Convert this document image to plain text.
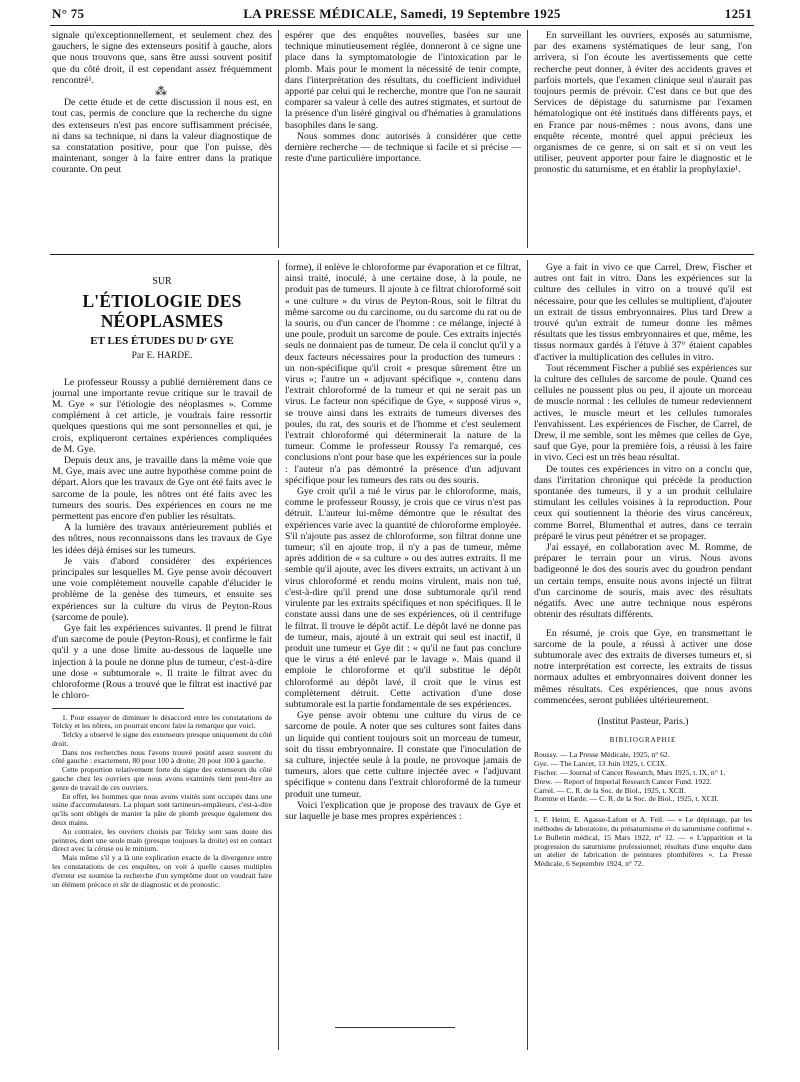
N° 75	LA PRESSE MÉDICALE, Samedi, 19 Septembre 1925	1251

signale qu'exceptionnellement, et seulement chez des gauchers, le signe des extenseurs positif à gauche, alors que nous trouvons que, sans être aussi souvent positif que du côté droit, il est cependant assez fréquemment rencontré¹.

⁂

De cette étude et de cette discussion il nous est, en tout cas, permis de conclure que la recherche du signe des extenseurs n'est pas encore suffisamment précisée, ni dans sa technique, ni dans la valeur diagnostique de sa constatation positive, pour que l'on puisse, dès maintenant, songer à la faire entrer dans la pratique courante. On peut

espérer que des enquêtes nouvelles, basées sur une technique minutieusement réglée, donneront à ce signe une place dans la symptomatologie de l'intoxication par le plomb. Mais pour le moment la nécessité de tenir compte, dans l'interprétation des résultats, du coefficient individuel apporté par celui qui le recherche, montre que l'on ne saurait comparer sa valeur à celle des autres stigmates, et surtout de la présence d'un liséré gingival ou d'hématies à granulations basophiles dans le sang.

Nous sommes donc autorisés à considérer que cette dernière recherche — de technique si facile et si précise — reste d'une particulière importance.

En surveillant les ouvriers, exposés au saturnisme, par des examens systématiques de leur sang, l'on arrivera, si l'on écoute les avertissements que cette recherche peut donner, à éviter des accidents graves et parfois mortels, que l'examen clinique seul n'aurait pas toujours permis de prévoir. C'est dans ce but que des Services de dépistage du saturnisme par l'examen hématologique ont été institués dans différents pays, et en France par nous-mêmes : nous avons, dans une enquête récente, montré quel appui précieux les organismes de ce genre, si on sait et si on veut les utiliser, peuvent apporter pour faire le diagnostic et le pronostic du saturnisme, et en établir la prophylaxie¹.

SUR
L'ÉTIOLOGIE DES NÉOPLASMES
ET LES ÉTUDES DU Dʳ GYE
Par E. HARDE.

Le professeur Roussy a publié dernièrement dans ce journal une importante revue critique sur le travail de M. Gye « sur l'étiologie des néoplasmes ». Comme complément à cet article, je voudrais faire ressortir quelques questions qui me sont personnelles et qui, je crois, expliqueront certaines expériences compliquées de M. Gye.

Depuis deux ans, je travaille dans la même voie que M. Gye, mais avec une autre hypothèse comme point de départ. Alors que les travaux de Gye ont été faits avec le sarcome de la poule, les nôtres ont été faits avec les tumeurs des souris. Des expériences en cours ne me permettent pas encore d'en publier les résultats.

A la lumière des travaux antérieurement publiés et des nôtres, nous reconnaissons dans les travaux de Gye les idées déjà émises sur les tumeurs.

Je vais d'abord considérer des expériences principales sur lesquelles M. Gye pense avoir découvert une voie complètement nouvelle capable d'élucider le problème de la genèse des tumeurs, et ensuite ses expériences sur la culture du virus de Peyton-Rous (sarcome de poule).

Gye fait les expériences suivantes. Il prend le filtrat d'un sarcome de poule (Peyton-Rous), et confirme le fait qu'il y a une dose limite au-dessous de laquelle une injection à la poule ne donne plus de tumeur, c'est-à-dire une dose « subtumorale ». Il traite le filtrat avec du chloroforme (Rous a trouvé que le filtrat est inactivé par le chloro-

1. Pour essayer de diminuer le désaccord entre les constatations de Telcky et les nôtres, on pourrait encore faire la remarque que voici.

Telcky a observé le signe des extenseurs presque uniquement du côté droit.

Dans nos recherches nous l'avons trouvé positif assez souvent du côté gauche : exactement, 80 pour 100 à droite; 20 pour 100 à gauche.

Cette proportion relativement forte du signe des extenseurs du côté gauche chez les ouvriers que nous avons examinés tient peut-être au genre de travail de ces ouvriers.

En effet, les hommes que nous avons visités sont occupés dans une usine d'accumulateurs. La plupart sont tartineurs-empâteurs, c'est-à-dire qu'ils sont obligés de manier la pâte de plomb presque également des deux mains.

Au contraire, les ouvriers choisis par Telcky sont sans doute des peintres, dont une seule main (presque toujours la droite) est en contact direct avec la céruse ou le minium.

Mais même s'il y a là une explication exacte de la divergence entre les constatations de ces enquêtes, on voit à quelle causes multiples d'erreur est soumise la recherche d'un symptôme dont on voudrait faire un élément précoce et sûr de diagnostic et de pronostic.

forme), il enlève le chloroforme par évaporation et ce filtrat, ainsi traité, inoculé, à une certaine dose, à la poule, ne produit pas de tumeurs. Il ajoute à ce filtrat chloroformé soit « une culture » du virus de Peyton-Rous, soit le filtrat du même sarcome ou du carcinome, ou du sarcome du rat ou de la souris, ou d'un cancer de l'homme : ce mélange, injecté à une poule, produit un sarcome de poule. Ces extraits injectés seuls ne donnaient pas de tumeur. De cela il conclut qu'il y a deux facteurs nécessaires pour la production des tumeurs : un non-spécifique qu'il croit « presque sûrement être un virus »; l'autre un « adjuvant spécifique », contenu dans l'extrait chloroformé de la tumeur et qui ne serait pas un virus. Le facteur non spécifique de Gye, « supposé virus », se trouve ainsi dans les extraits de tumeurs diverses des poules, du rat, des souris et de l'homme et c'est seulement l'extrait chloroformé qui déterminerait la nature de la tumeur. Comme le professeur Roussy l'a remarqué, ces conclusions n'ont pour base que les expériences sur la poule : l'auteur n'a pas démontré la présence d'un adjuvant spécifique pour les tumeurs des rats ou des souris.

Gye croit qu'il a tué le virus par le chloroforme, mais, comme le professeur Roussy, je crois que ce virus n'est pas détruit. L'auteur lui-même démontre que le résultat des expériences varie avec la quantité de chloroforme employée. S'il n'ajoute pas assez de chloroforme, son filtrat donne une tumeur; s'il en ajoute trop, il n'y a pas de tumeur, même après addition de « sa culture » ou des autres extraits. Il me semble qu'il ajoute, avec les divers extraits, un activant à un virus chloroformé et rendu moins virulent, mais non tué, c'est-à-dire qu'il prend une dose subtumorale qu'il rend virulente par les extraits spécifiques et non spécifiques. Il le constate aussi dans une de ses expériences, où il centrifuge le filtrat. Il trouve le dépôt actif. Le dépôt lavé ne donne pas de tumeur, mais, ajouté à un extrait qui seul est inactif, il produit une tumeur et Gye dit : « qu'il ne faut pas conclure que le virus a été enlevé par le lavage ». Mais quand il emploie le chloroforme et qu'il substitue le dépôt chloroformé au dépôt lavé, il croit que le virus est complètement détruit. Cette activation d'une dose subtumorale est la partie fondamentale de ses expériences.

Gye pense avoir obtenu une culture du virus de ce sarcome de poule. A noter que ses cultures sont faites dans un liquide qui contient toujours soit un morceau de tumeur, soit du tissu embryonnaire. Il constate que l'inoculation de sa culture, injectée seule à la poule, ne provoque jamais de tumeurs, alors que cette culture injectée avec « l'adjuvant spécifique » contenu dans l'extrait chloroformé de la tumeur produit une tumeur.

Voici l'explication que je propose des travaux de Gye et sur laquelle je base mes propres expériences :

Gye a fait in vivo ce que Carrel, Drew, Fischer et autres ont fait in vitro. Dans les expériences sur la culture des cellules in vitro on a trouvé qu'il est nécessaire, pour que les cellules se multiplient, d'ajouter un extrait de tissus embryonnaires. Plus tard Drew a trouvé qu'un extrait de tumeur donne les mêmes résultats que les tissus embryonnaires et que, même, les tissus normaux gardés à l'étuve à 37° étaient capables d'activer la multiplication des cellules in vitro.

Tout récemment Fischer a publié ses expériences sur la culture des cellules de sarcome de poule. Quand ces cellules ne poussent plus ou peu, il ajoute un morceau de muscle normal : les cellules de tumeur redeviennent actives, le muscle meurt et les cellules tumorales l'envahissent. Les expériences de Fischer, de Carrel, de Drew, il me semble, sont les mêmes que celles de Gye, sauf que Gye, pour la première fois, a réussi à les faire in vivo. Ceci est un très beau résultat.

De toutes ces expériences in vitro on a conclu que, dans l'irritation chronique qui précède la production spontanée des tumeurs, il y a un produit cellulaire stimulant les cellules voisines à la reproduction. Pour ceux qui soutiennent la théorie des virus cancéreux, comme Borrel, Blumenthal et autres, dans ce terrain préparé le virus peut pénétrer et se propager.

J'ai essayé, en collaboration avec M. Romme, de préparer le terrain pour un virus. Nous avons badigeonné le dos des souris avec du goudron pendant un certain temps, ensuite nous avons injecté un filtrat d'un carcinome de souris, mais avec des résultats négatifs. Avec une autre technique nous espérons obtenir des résultats différents.

En résumé, je crois que Gye, en transmettant le sarcome de la poule, a réussi à activer une dose subtumorale avec des extraits de diverses tumeurs et, si notre interprétation est correcte, les extraits de tissus normaux adultes et embryonnaires doivent donner les mêmes résultats. Ces expériences, que nous avons commencées, seront publiées ultérieurement.

(Institut Pasteur, Paris.)
BIBLIOGRAPHIE

Roussy. — La Presse Médicale, 1925, n° 62.

Gye. — The Lancet, 13 Juin 1925, t. CCIX.

Fischer. — Journal of Cancer Research, Mars 1925, t. IX, n° 1.

Drew. — Report of Imperial Research Cancer Fund. 1922.

Carrel. — C. R. de la Soc. de Biol., 1925, t. XCII.

Romme et Harde. — C. R. de la Soc. de Biol., 1925, t. XCII.

1. F. Heim, E. Agasse-Lafont et A. Feil. — « Le dépistage, par les méthodes de laboratoire, du présaturnisme et du saturnisme confirmé ». Le Bulletin médical, 15 Mars 1922, n° 12. — « L'apparition et la progression du saturnisme professionnel; résultats d'une enquête dans un atelier de fabrication de peintures plombifères ». La Presse Médicale, 6 Septembre 1924, n° 72.
